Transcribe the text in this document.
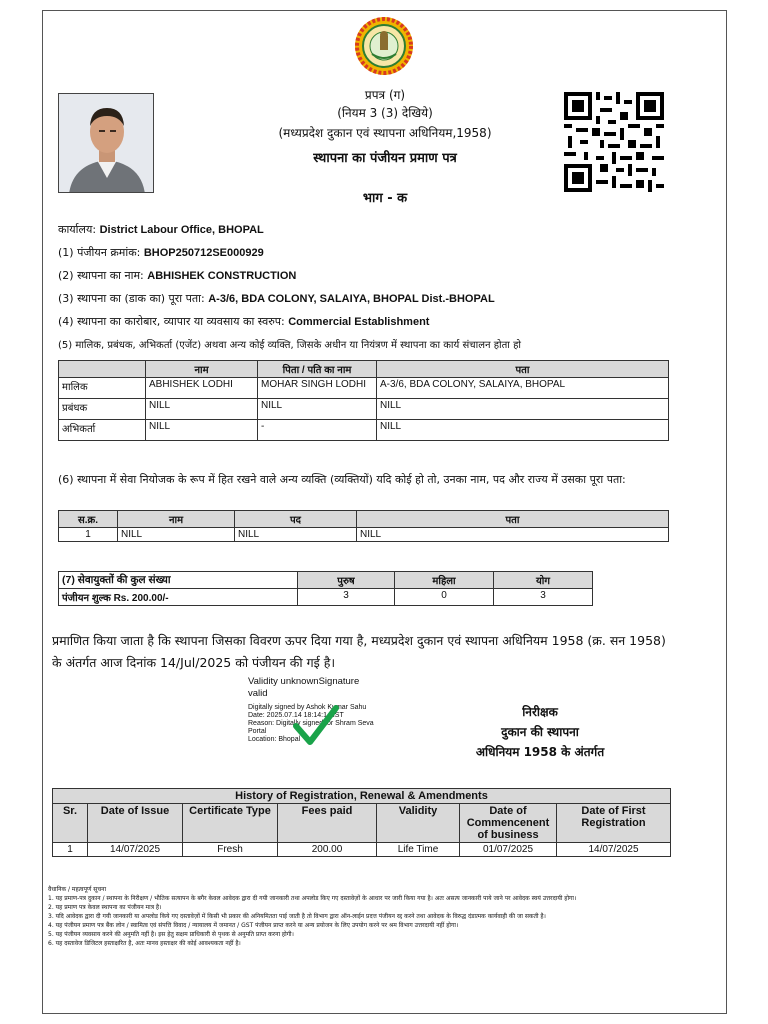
प्रपत्र (ग)
(नियम 3 (3) देखिये)
(मध्यप्रदेश दुकान एवं स्थापना अधिनियम,1958)
स्थापना का पंजीयन प्रमाण पत्र
भाग - क
कार्यालय: District Labour Office, BHOPAL
(1) पंजीयन क्रमांक: BHOP250712SE000929
(2) स्थापना का नाम: ABHISHEK CONSTRUCTION
(3) स्थापना का (डाक का) पूरा पता: A-3/6, BDA COLONY, SALAIYA, BHOPAL Dist.-BHOPAL
(4) स्थापना का कारोबार, व्यापार या व्यवसाय का स्वरुप: Commercial Establishment
(5) मालिक, प्रबंधक, अभिकर्ता (एजेंट) अथवा अन्य कोई व्यक्ति, जिसके अधीन या नियंत्रण में स्थापना का कार्य संचालन होता हो
	नाम	पिता / पति का नाम	पता
मालिक	ABHISHEK LODHI	MOHAR SINGH LODHI	A-3/6, BDA COLONY, SALAIYA, BHOPAL
प्रबंधक	NILL	NILL	NILL
अभिकर्ता	NILL	-	NILL
(6) स्थापना में सेवा नियोजक के रूप में हित रखने वाले अन्य व्यक्ति (व्यक्तियों) यदि कोई हो तो, उनका नाम, पद और राज्य में उसका पूरा पता:
स.क्र.	नाम	पद	पता
1	NILL	NILL	NILL
(7) सेवायुक्तों की कुल संख्या	पुरुष	महिला	योग
पंजीयन शुल्क Rs. 200.00/-	3	0	3
प्रमाणित किया जाता है कि स्थापना जिसका विवरण ऊपर दिया गया है, मध्यप्रदेश दुकान एवं स्थापना अधिनियम 1958 (क्र. सन 1958) के अंतर्गत आज दिनांक 14/Jul/2025 को पंजीयन की गई है।
Validity unknownSignature valid
Digitally signed by Ashok Kumar Sahu
Date: 2025.07.14 18:14:14 IST
Reason: Digitally signed for Shram Seva
Portal
Location: Bhopal
निरीक्षक
दुकान की स्थापना
अधिनियम 1958 के अंतर्गत
History of Registration, Renewal & Amendments						
Sr.	Date of Issue	Certificate Type	Fees paid	Validity	Date of Commencenent of business	Date of First Registration
1	14/07/2025	Fresh	200.00	Life Time	01/07/2025	14/07/2025
वैधानिक / महत्वपूर्ण सूचना
1. यह प्रमाण-पत्र दुकान / स्थापना के निरीक्षण / भौतिक सत्यापन के बगैर केवल आवेदक द्वारा दी गयी जानकारी तथा अपलोड किए गए दस्तावेज़ों के आधार पर जारी किया गया है। अतः असत्य जानकारी पाये जाने पर आवेदक स्वयं उत्तरदायी होगा।
2. यह प्रमाण पत्र केवल स्थापना का पंजीयन मात्र है।
3. यदि आवेदक द्वारा दी गयी जानकारी या अपलोड किये गए दस्तावेज़ों में किसी भी प्रकार की अनियमितता पाई जाती है तो विभाग द्वारा ऑन-लाईन प्रदत्त पंजीयन रद्द करने तथा आवेदक के विरुद्ध दंडात्मक कार्यवाही की जा सकती है।
4. यह पंजीयन प्रमाण पत्र बैंक लोन / स्वामित्व एवं संपत्ति विवाद / न्यायालय में जमानत / GST पंजीयन प्राप्त करने या अन्य प्रयोजन के लिए उपयोग करने पर श्रम विभाग उत्तरदायी नहीं होगा।
5. यह पंजीयन व्यवसाय करने की अनुमति नहीं है। इस हेतु सक्षम प्राधिकारी से पृथक से अनुमति प्राप्त करना होगी।
6. यह दस्तावेज डिजिटल हस्ताक्षरित है, अतः मानव हस्ताक्षर की कोई आवश्यकता नहीं है।
